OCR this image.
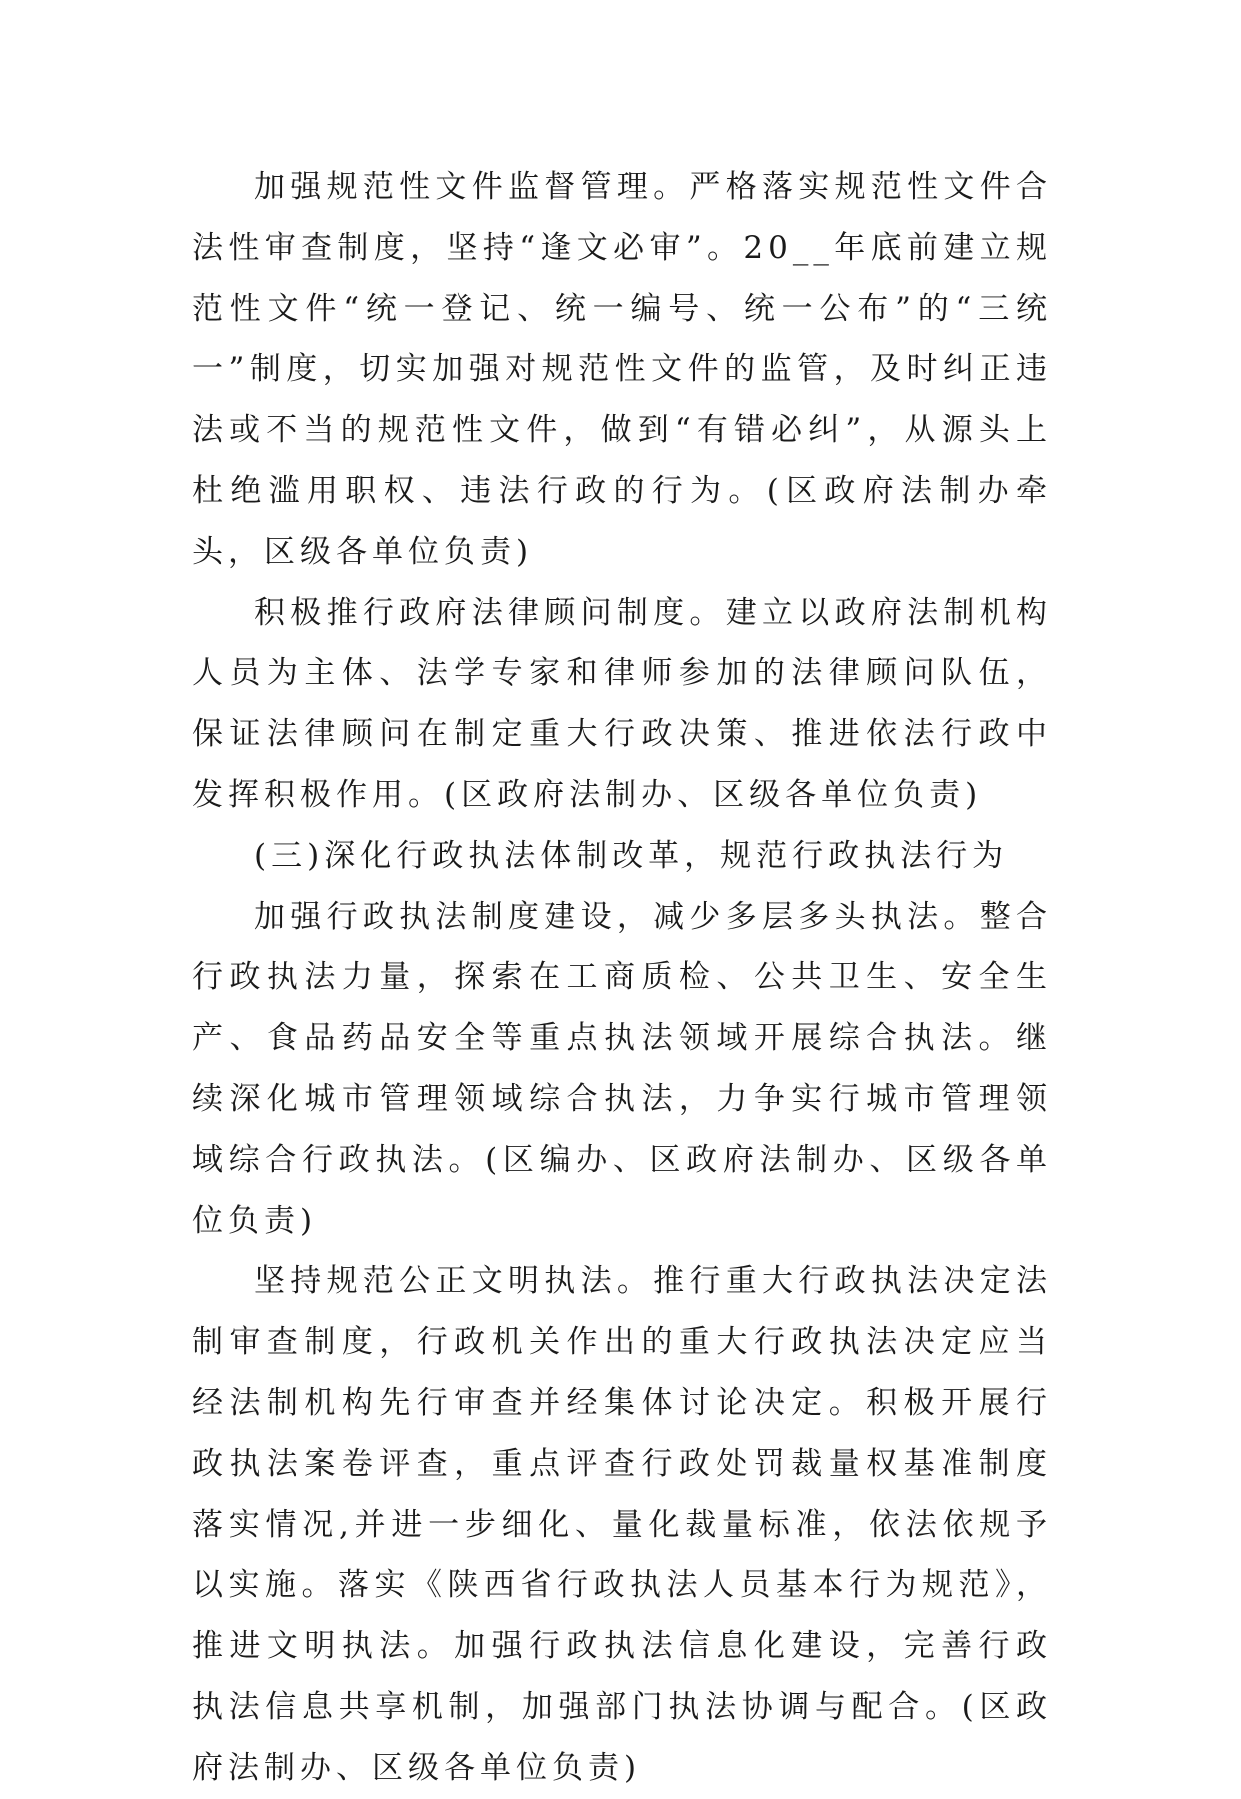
加强规范性文件监督管理。严格落实规范性文件合法性审查制度，坚持“逢文必审”。20__年底前建立规范性文件“统一登记、统一编号、统一公布”的“三统一”制度，切实加强对规范性文件的监管，及时纠正违法或不当的规范性文件，做到“有错必纠”，从源头上杜绝滥用职权、违法行政的行为。(区政府法制办牵头，区级各单位负责)

积极推行政府法律顾问制度。建立以政府法制机构人员为主体、法学专家和律师参加的法律顾问队伍，保证法律顾问在制定重大行政决策、推进依法行政中发挥积极作用。(区政府法制办、区级各单位负责)

(三)深化行政执法体制改革，规范行政执法行为

加强行政执法制度建设，减少多层多头执法。整合行政执法力量，探索在工商质检、公共卫生、安全生产、食品药品安全等重点执法领域开展综合执法。继续深化城市管理领域综合执法，力争实行城市管理领域综合行政执法。(区编办、区政府法制办、区级各单位负责)

坚持规范公正文明执法。推行重大行政执法决定法制审查制度，行政机关作出的重大行政执法决定应当经法制机构先行审查并经集体讨论决定。积极开展行政执法案卷评查，重点评查行政处罚裁量权基准制度落实情况,并进一步细化、量化裁量标准，依法依规予以实施。落实《陕西省行政执法人员基本行为规范》，推进文明执法。加强行政执法信息化建设，完善行政执法信息共享机制，加强部门执法协调与配合。(区政府法制办、区级各单位负责)
